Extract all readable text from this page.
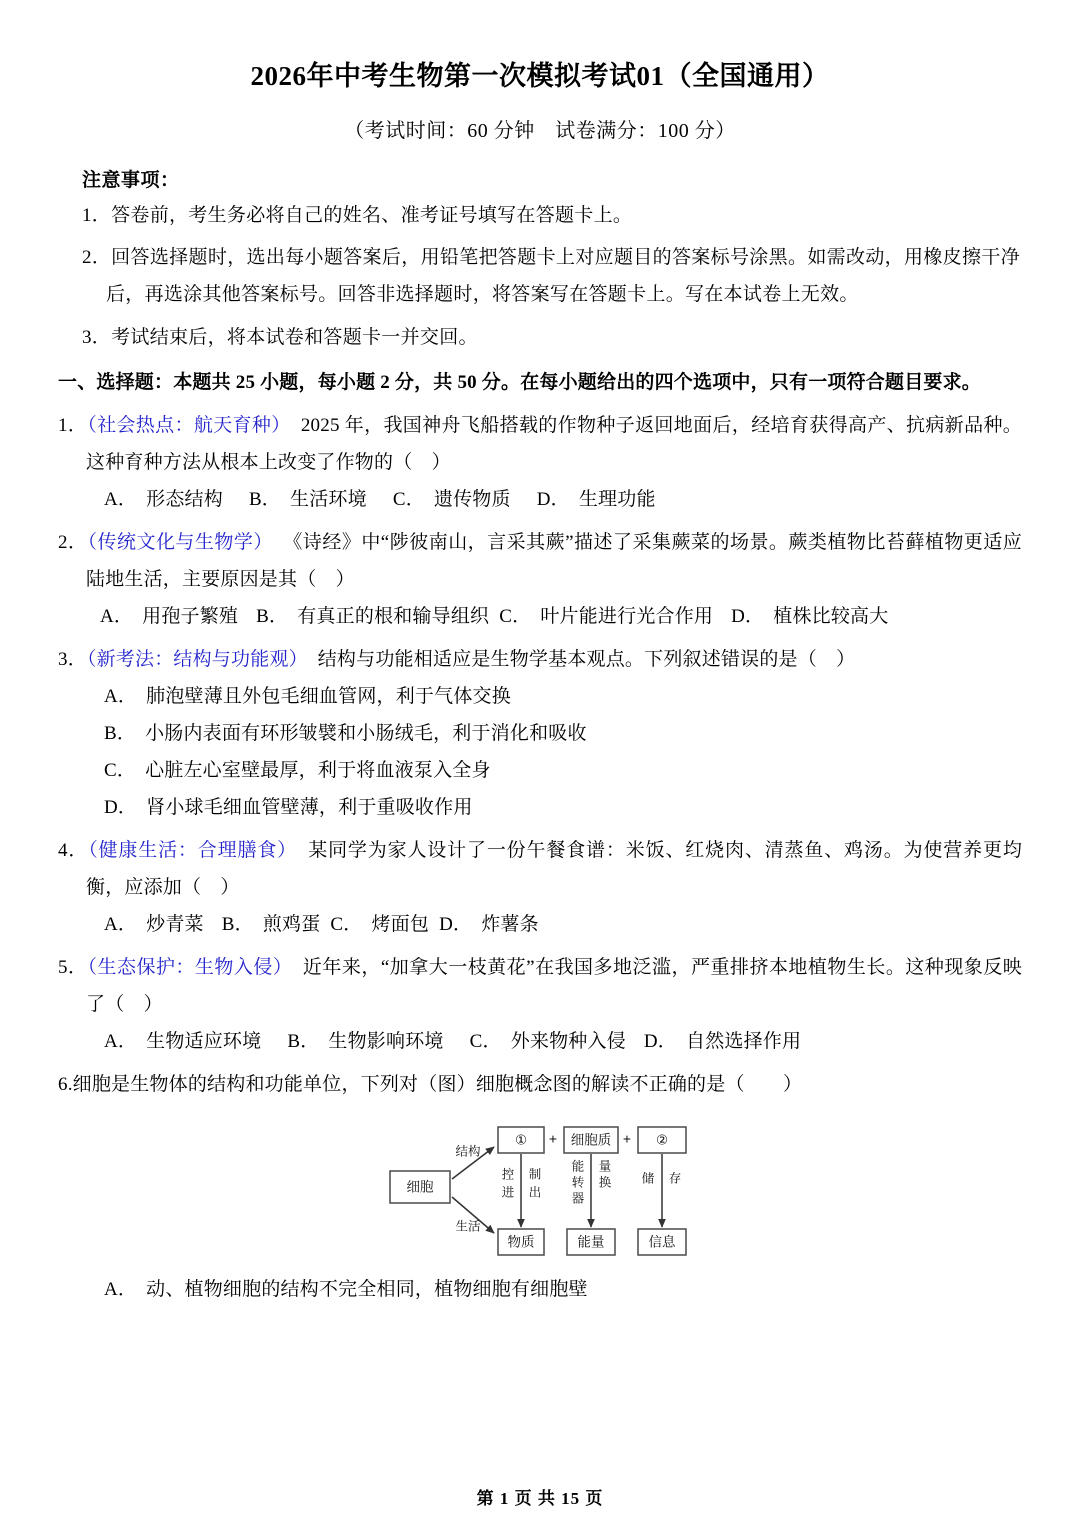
2026年中考生物第一次模拟考试01（全国通用）

（考试时间：60 分钟　试卷满分：100 分）

注意事项：

1．答卷前，考生务必将自己的姓名、准考证号填写在答题卡上。

2．回答选择题时，选出每小题答案后，用铅笔把答题卡上对应题目的答案标号涂黑。如需改动，用橡皮擦干净后，再选涂其他答案标号。回答非选择题时，将答案写在答题卡上。写在本试卷上无效。

3．考试结束后，将本试卷和答题卡一并交回。

一、选择题：本题共 25 小题，每小题 2 分，共 50 分。在每小题给出的四个选项中，只有一项符合题目要求。

1．（社会热点：航天育种） 2025 年，我国神舟飞船搭载的作物种子返回地面后，经培育获得高产、抗病新品种。这种育种方法从根本上改变了作物的（　）

A． 形态结构 B． 生活环境 C． 遗传物质 D． 生理功能

2．（传统文化与生物学） 《诗经》中“陟彼南山，言采其蕨”描述了采集蕨菜的场景。蕨类植物比苔藓植物更适应陆地生活，主要原因是其（　）

A． 用孢子繁殖 B． 有真正的根和输导组织 C． 叶片能进行光合作用 D． 植株比较高大

3．（新考法：结构与功能观） 结构与功能相适应是生物学基本观点。下列叙述错误的是（　）

A． 肺泡壁薄且外包毛细血管网，利于气体交换

B． 小肠内表面有环形皱襞和小肠绒毛，利于消化和吸收

C． 心脏左心室壁最厚，利于将血液泵入全身

D． 肾小球毛细血管壁薄，利于重吸收作用

4．（健康生活：合理膳食） 某同学为家人设计了一份午餐食谱：米饭、红烧肉、清蒸鱼、鸡汤。为使营养更均衡，应添加（　）

A． 炒青菜 B． 煎鸡蛋 C． 烤面包 D． 炸薯条

5．（生态保护：生物入侵） 近年来，“加拿大一枝黄花”在我国多地泛滥，严重排挤本地植物生长。这种现象反映了（　）

A． 生物适应环境 B． 生物影响环境 C． 外来物种入侵 D． 自然选择作用

6.细胞是生物体的结构和功能单位，下列对（图）细胞概念图的解读不正确的是（　　）

细胞
结构
生活
① + 细胞质 + ②
控
进
制
出
能
转
器
量
换 储 存
物质	能量	信息

A． 动、植物细胞的结构不完全相同，植物细胞有细胞壁

第 1 页 共 15 页
